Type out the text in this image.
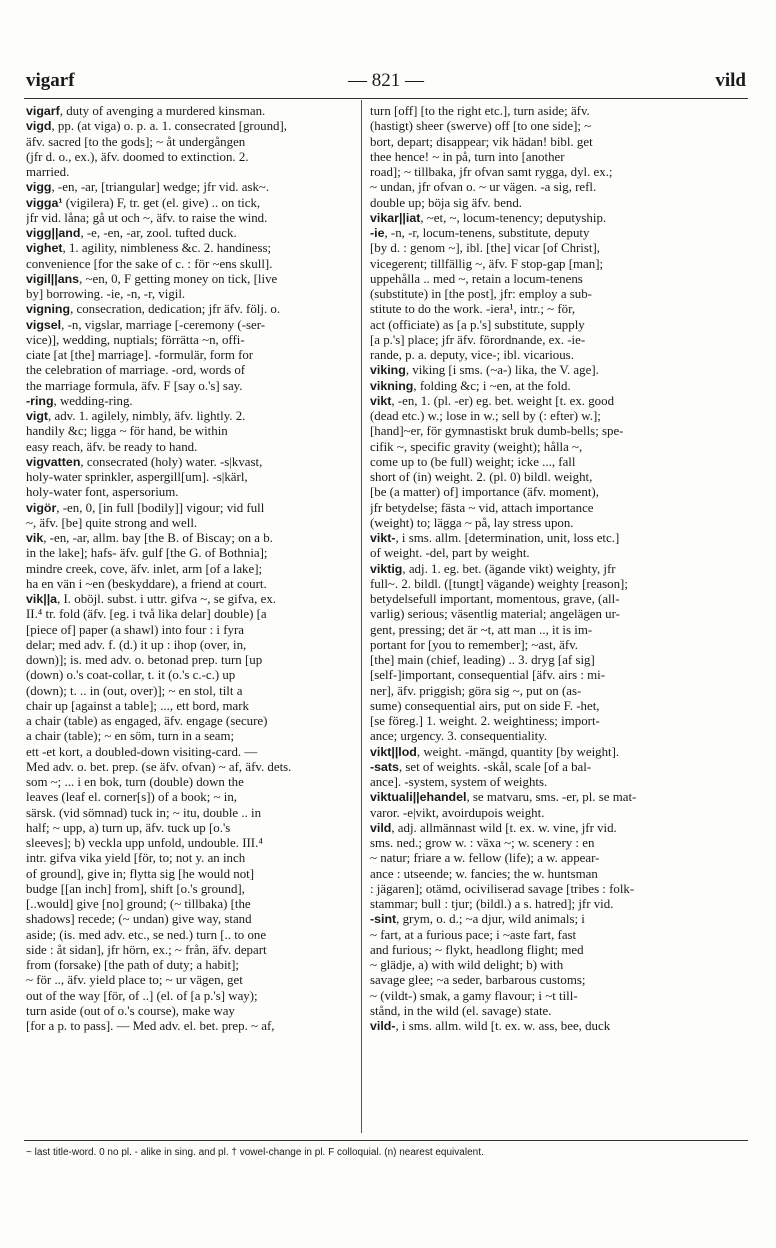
vigarf	— 821 —	vild
vigarf, duty of avenging a murdered kinsman.
vigd, pp. (at viga) o. p. a. 1. consecrated [ground],
äfv. sacred [to the gods]; ~ åt undergången
(jfr d. o., ex.), äfv. doomed to extinction. 2.
married.
vigg, -en, -ar, [triangular] wedge; jfr vid. ask~.
vigga¹ (vigilera) F, tr. get (el. give) .. on tick,
jfr vid. låna; gå ut och ~, äfv. to raise the wind.
vigg||and, -e, -en, -ar, zool. tufted duck.
vighet, 1. agility, nimbleness &c. 2. handiness;
convenience [for the sake of c. : för ~ens skull].
vigil||ans, ~en, 0, F getting money on tick, [live
by] borrowing. -ie, -n, -r, vigil.
vigning, consecration, dedication; jfr äfv. följ. o.
vigsel, -n, vigslar, marriage [-ceremony (-ser-
vice)], wedding, nuptials; förrätta ~n, offi-
ciate [at [the] marriage]. -formulär, form for
the celebration of marriage. -ord, words of
the marriage formula, äfv. F [say o.'s] say.
-ring, wedding-ring.
vigt, adv. 1. agilely, nimbly, äfv. lightly. 2.
handily &c; ligga ~ för hand, be within
easy reach, äfv. be ready to hand.
vigvatten, consecrated (holy) water. -s|kvast,
holy-water sprinkler, aspergill[um]. -s|kärl,
holy-water font, aspersorium.
vigör, -en, 0, [in full [bodily]] vigour; vid full
~, äfv. [be] quite strong and well.
vik, -en, -ar, allm. bay [the B. of Biscay; on a b.
in the lake]; hafs- äfv. gulf [the G. of Bothnia];
mindre creek, cove, äfv. inlet, arm [of a lake];
ha en vän i ~en (beskyddare), a friend at court.
vik||a, I. oböjl. subst. i uttr. gifva ~, se gifva, ex.
II.⁴ tr. fold (äfv. [eg. i två lika delar] double) [a
[piece of] paper (a shawl) into four : i fyra
delar; med adv. f. (d.) it up : ihop (over, in,
down)]; is. med adv. o. betonad prep. turn [up
(down) o.'s coat-collar, t. it (o.'s c.-c.) up
(down); t. .. in (out, over)]; ~ en stol, tilt a
chair up [against a table]; ..., ett bord, mark
a chair (table) as engaged, äfv. engage (secure)
a chair (table); ~ en söm, turn in a seam;
ett -et kort, a doubled-down visiting-card. —
Med adv. o. bet. prep. (se äfv. ofvan) ~ af, äfv. dets.
som ~; ... i en bok, turn (double) down the
leaves (leaf el. corner[s]) of a book; ~ in,
särsk. (vid sömnad) tuck in; ~ itu, double .. in
half; ~ upp, a) turn up, äfv. tuck up [o.'s
sleeves]; b) veckla upp unfold, undouble. III.⁴
intr. gifva vika yield [för, to; not y. an inch
of ground], give in; flytta sig [he would not]
budge [[an inch] from], shift [o.'s ground],
[..would] give [no] ground; (~ tillbaka) [the
shadows] recede; (~ undan) give way, stand
aside; (is. med adv. etc., se ned.) turn [.. to one
side : åt sidan], jfr hörn, ex.; ~ från, äfv. depart
from (forsake) [the path of duty; a habit];
~ för .., äfv. yield place to; ~ ur vägen, get
out of the way [för, of ..] (el. of [a p.'s] way);
turn aside (out of o.'s course), make way
[for a p. to pass]. — Med adv. el. bet. prep. ~ af,
turn [off] [to the right etc.], turn aside; äfv.
(hastigt) sheer (swerve) off [to one side]; ~
bort, depart; disappear; vik hädan! bibl. get
thee hence! ~ in på, turn into [another
road]; ~ tillbaka, jfr ofvan samt rygga, dyl. ex.;
~ undan, jfr ofvan o. ~ ur vägen. -a sig, refl.
double up; böja sig äfv. bend.
vikar||iat, ~et, ~, locum-tenency; deputyship.
-ie, -n, -r, locum-tenens, substitute, deputy
[by d. : genom ~], ibl. [the] vicar [of Christ],
vicegerent; tillfällig ~, äfv. F stop-gap [man];
uppehålla .. med ~, retain a locum-tenens
(substitute) in [the post], jfr: employ a sub-
stitute to do the work. -iera¹, intr.; ~ för,
act (officiate) as [a p.'s] substitute, supply
[a p.'s] place; jfr äfv. förordnande, ex. -ie-
rande, p. a. deputy, vice-; ibl. vicarious.
viking, viking [i sms. (~a-) lika, the V. age].
vikning, folding &c; i ~en, at the fold.
vikt, -en, 1. (pl. -er) eg. bet. weight [t. ex. good
(dead etc.) w.; lose in w.; sell by (: efter) w.];
[hand]~er, för gymnastiskt bruk dumb-bells; spe-
cifik ~, specific gravity (weight); hålla ~,
come up to (be full) weight; icke ..., fall
short of (in) weight. 2. (pl. 0) bildl. weight,
[be (a matter) of] importance (äfv. moment),
jfr betydelse; fästa ~ vid, attach importance
(weight) to; lägga ~ på, lay stress upon.
vikt-, i sms. allm. [determination, unit, loss etc.]
of weight. -del, part by weight.
viktig, adj. 1. eg. bet. (ägande vikt) weighty, jfr
full~. 2. bildl. ([tungt] vägande) weighty [reason];
betydelsefull important, momentous, grave, (all-
varlig) serious; väsentlig material; angelägen ur-
gent, pressing; det är ~t, att man .., it is im-
portant for [you to remember]; ~ast, äfv.
[the] main (chief, leading) .. 3. dryg [af sig]
[self-]important, consequential [äfv. airs : mi-
ner], äfv. priggish; göra sig ~, put on (as-
sume) consequential airs, put on side F. -het,
[se föreg.] 1. weight. 2. weightiness; import-
ance; urgency. 3. consequentiality.
vikt||lod, weight. -mängd, quantity [by weight].
-sats, set of weights. -skål, scale [of a bal-
ance]. -system, system of weights.
viktuali||ehandel, se matvaru, sms. -er, pl. se mat-
varor. -e|vikt, avoirdupois weight.
vild, adj. allmännast wild [t. ex. w. vine, jfr vid.
sms. ned.; grow w. : växa ~; w. scenery : en
~ natur; friare a w. fellow (life); a w. appear-
ance : utseende; w. fancies; the w. huntsman
: jägaren]; otämd, ociviliserad savage [tribes : folk-
stammar; bull : tjur; (bildl.) a s. hatred]; jfr vid.
-sint, grym, o. d.; ~a djur, wild animals; i
~ fart, at a furious pace; i ~aste fart, fast
and furious; ~ flykt, headlong flight; med
~ glädje, a) with wild delight; b) with
savage glee; ~a seder, barbarous customs;
~ (vildt-) smak, a gamy flavour; i ~t till-
stånd, in the wild (el. savage) state.
vild-, i sms. allm. wild [t. ex. w. ass, bee, duck
~ last title-word. 0 no pl. - alike in sing. and pl. † vowel-change in pl. F colloquial. (n) nearest equivalent.
